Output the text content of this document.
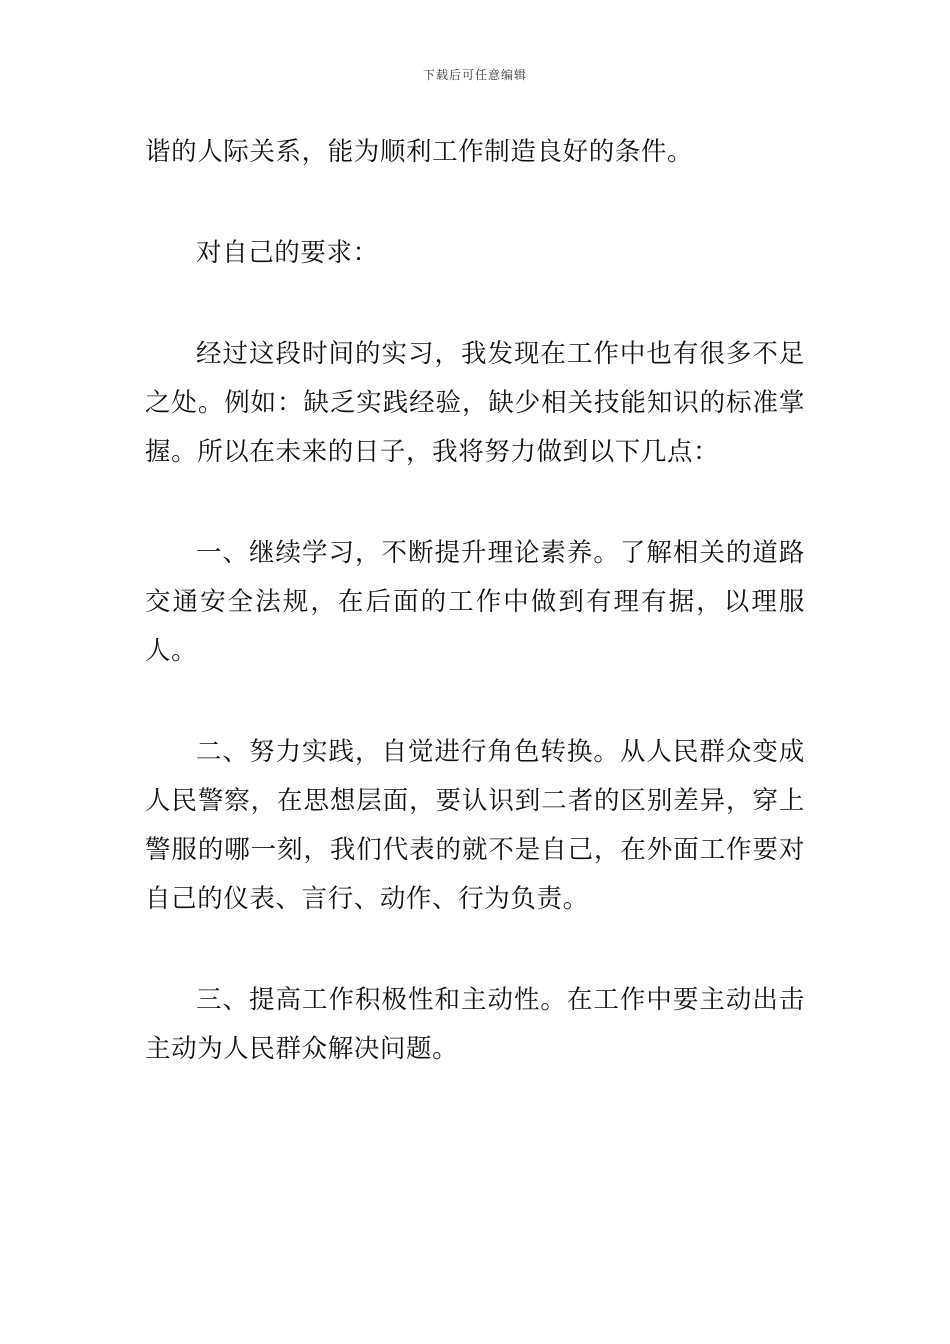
下载后可任意编辑

谐的人际关系，能为顺利工作制造良好的条件。

对自己的要求：

经过这段时间的实习，我发现在工作中也有很多不足之处。例如：缺乏实践经验，缺少相关技能知识的标准掌握。所以在未来的日子，我将努力做到以下几点：

一、继续学习，不断提升理论素养。了解相关的道路交通安全法规，在后面的工作中做到有理有据，以理服人。

二、努力实践，自觉进行角色转换。从人民群众变成人民警察，在思想层面，要认识到二者的区别差异，穿上警服的哪一刻，我们代表的就不是自己，在外面工作要对自己的仪表、言行、动作、行为负责。

三、提高工作积极性和主动性。在工作中要主动出击主动为人民群众解决问题。
